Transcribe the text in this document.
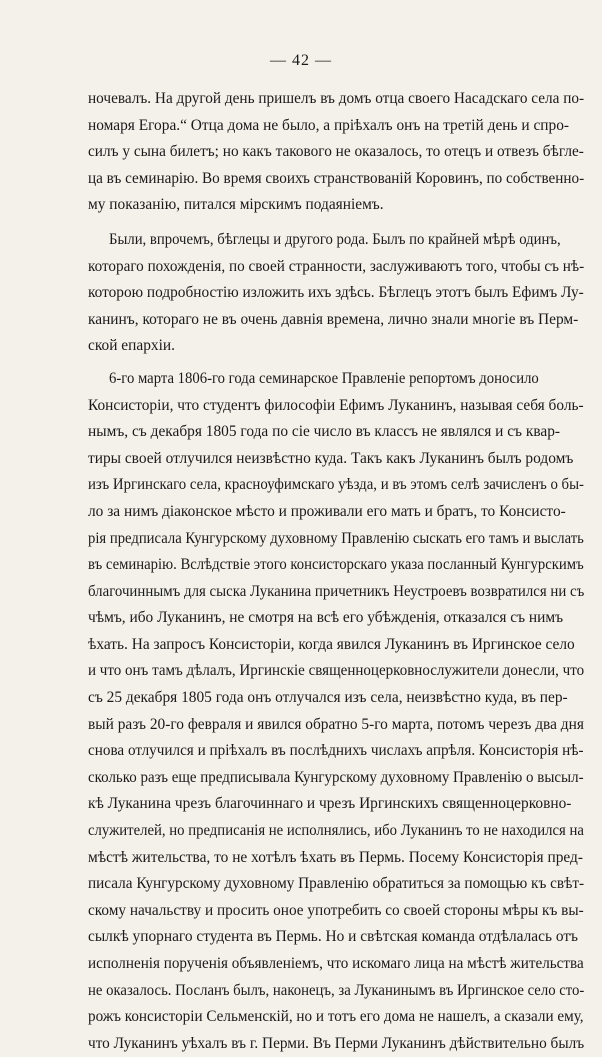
— 42 —
ночевалъ. На другой день пришелъ въ домъ отца своего Насадскаго села по-
номаря Егора.“ Отца дома не было, а пріѣхалъ онъ на третій день и спро-
силъ у сына билетъ; но какъ такового не оказалось, то отецъ и отвезъ бѣгле-
ца въ семинарію. Во время своихъ странствованій Коровинъ, по собственно-
му показанію, питался мірскимъ подаяніемъ.
Были, впрочемъ, бѣглецы и другого рода. Былъ по крайней мѣрѣ одинъ,
котораго похожденія, по своей странности, заслуживаютъ того, чтобы съ нѣ-
которою подробностію изложить ихъ здѣсь. Бѣглецъ этотъ былъ Ефимъ Лу-
канинъ, котораго не въ очень давнія времена, лично знали многіе въ Перм-
ской епархіи.
6-го марта 1806-го года семинарское Правленіе репортомъ доносило
Консисторіи, что студентъ философіи Ефимъ Луканинъ, называя себя боль-
нымъ, съ декабря 1805 года по сіе число въ классъ не являлся и съ квар-
тиры своей отлучился неизвѣстно куда. Такъ какъ Луканинъ былъ родомъ
изъ Иргинскаго села, красноуфимскаго уѣзда, и въ этомъ селѣ зачисленъ о бы-
ло за нимъ діаконское мѣсто и проживали его мать и братъ, то Консисто-
рія предписала Кунгурскому духовному Правленію сыскать его тамъ и выслать
въ семинарію. Вслѣдствіе этого консисторскаго указа посланный Кунгурскимъ
благочиннымъ для сыска Луканина причетникъ Неустроевъ возвратился ни съ
чѣмъ, ибо Луканинъ, не смотря на всѣ его убѣжденія, отказался съ нимъ
ѣхать. На запросъ Консисторіи, когда явился Луканинъ въ Иргинское село
и что онъ тамъ дѣлалъ, Иргинскіе священноцерковнослужители донесли, что
съ 25 декабря 1805 года онъ отлучался изъ села, неизвѣстно куда, въ пер-
вый разъ 20-го февраля и явился обратно 5-го марта, потомъ черезъ два дня
снова отлучился и пріѣхалъ въ послѣднихъ числахъ апрѣля. Консисторія нѣ-
сколько разъ еще предписывала Кунгурскому духовному Правленію о высыл-
кѣ Луканина чрезъ благочиннаго и чрезъ Иргинскихъ священноцерковно-
служителей, но предписанія не исполнялись, ибо Луканинъ то не находился на
мѣстѣ жительства, то не хотѣлъ ѣхать въ Пермь. Посему Консисторія пред-
писала Кунгурскому духовному Правленію обратиться за помощью къ свѣт-
скому начальству и просить оное употребить со своей стороны мѣры къ вы-
сылкѣ упорнаго студента въ Пермь. Но и свѣтская команда отдѣлалась отъ
исполненія порученія объявленіемъ, что искомаго лица на мѣстѣ жительства
не оказалось. Посланъ былъ, наконецъ, за Луканинымъ въ Иргинское село сто-
рожъ консисторіи Сельменскій, но и тотъ его дома не нашелъ, а сказали ему,
что Луканинъ уѣхалъ въ г. Перми. Въ Перми Луканинъ дѣйствительно былъ
